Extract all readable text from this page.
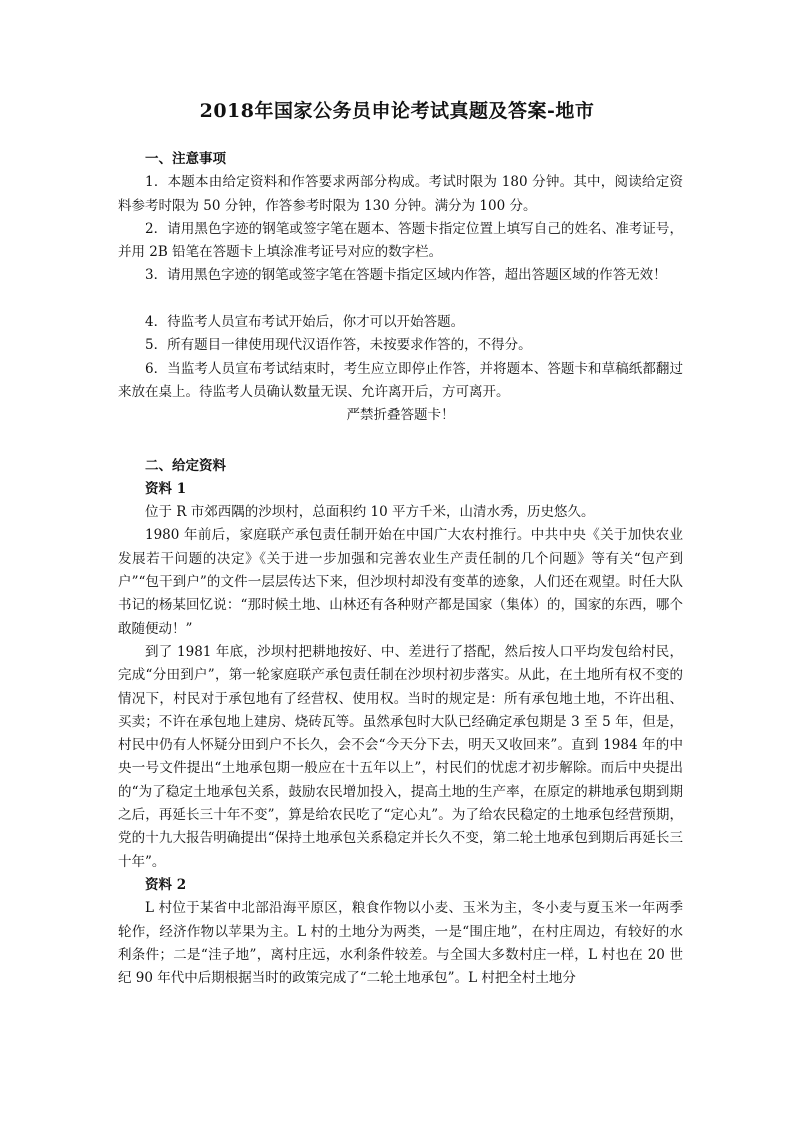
2018年国家公务员申论考试真题及答案-地市

一、注意事项

1．本题本由给定资料和作答要求两部分构成。考试时限为 180 分钟。其中，阅读给定资料参考时限为 50 分钟，作答参考时限为 130 分钟。满分为 100 分。

2．请用黑色字迹的钢笔或签字笔在题本、答题卡指定位置上填写自己的姓名、准考证号，并用 2B 铅笔在答题卡上填涂准考证号对应的数字栏。

3．请用黑色字迹的钢笔或签字笔在答题卡指定区域内作答，超出答题区域的作答无效！

4．待监考人员宣布考试开始后，你才可以开始答题。

5．所有题目一律使用现代汉语作答，未按要求作答的，不得分。

6．当监考人员宣布考试结束时，考生应立即停止作答，并将题本、答题卡和草稿纸都翻过来放在桌上。待监考人员确认数量无误、允许离开后，方可离开。

严禁折叠答题卡！

二、给定资料

资料 1

位于 R 市郊西隅的沙坝村，总面积约 10 平方千米，山清水秀，历史悠久。

1980 年前后，家庭联产承包责任制开始在中国广大农村推行。中共中央《关于加快农业发展若干问题的决定》《关于进一步加强和完善农业生产责任制的几个问题》等有关“包产到户”“包干到户”的文件一层层传达下来，但沙坝村却没有变革的迹象，人们还在观望。时任大队书记的杨某回忆说：“那时候土地、山林还有各种财产都是国家（集体）的，国家的东西，哪个敢随便动！”

到了 1981 年底，沙坝村把耕地按好、中、差进行了搭配，然后按人口平均发包给村民，完成“分田到户”，第一轮家庭联产承包责任制在沙坝村初步落实。从此，在土地所有权不变的情况下，村民对于承包地有了经营权、使用权。当时的规定是：所有承包地土地，不许出租、买卖；不许在承包地上建房、烧砖瓦等。虽然承包时大队已经确定承包期是 3 至 5 年，但是，村民中仍有人怀疑分田到户不长久，会不会“今天分下去，明天又收回来”。直到 1984 年的中央一号文件提出“土地承包期一般应在十五年以上”，村民们的忧虑才初步解除。而后中央提出的“为了稳定土地承包关系，鼓励农民增加投入，提高土地的生产率，在原定的耕地承包期到期之后，再延长三十年不变”，算是给农民吃了“定心丸”。为了给农民稳定的土地承包经营预期，党的十九大报告明确提出“保持土地承包关系稳定并长久不变，第二轮土地承包到期后再延长三十年”。

资料 2

L 村位于某省中北部沿海平原区，粮食作物以小麦、玉米为主，冬小麦与夏玉米一年两季轮作，经济作物以苹果为主。L 村的土地分为两类，一是“围庄地”，在村庄周边，有较好的水利条件；二是“洼子地”，离村庄远，水利条件较差。与全国大多数村庄一样，L 村也在 20 世纪 90 年代中后期根据当时的政策完成了“二轮土地承包”。L 村把全村土地分
